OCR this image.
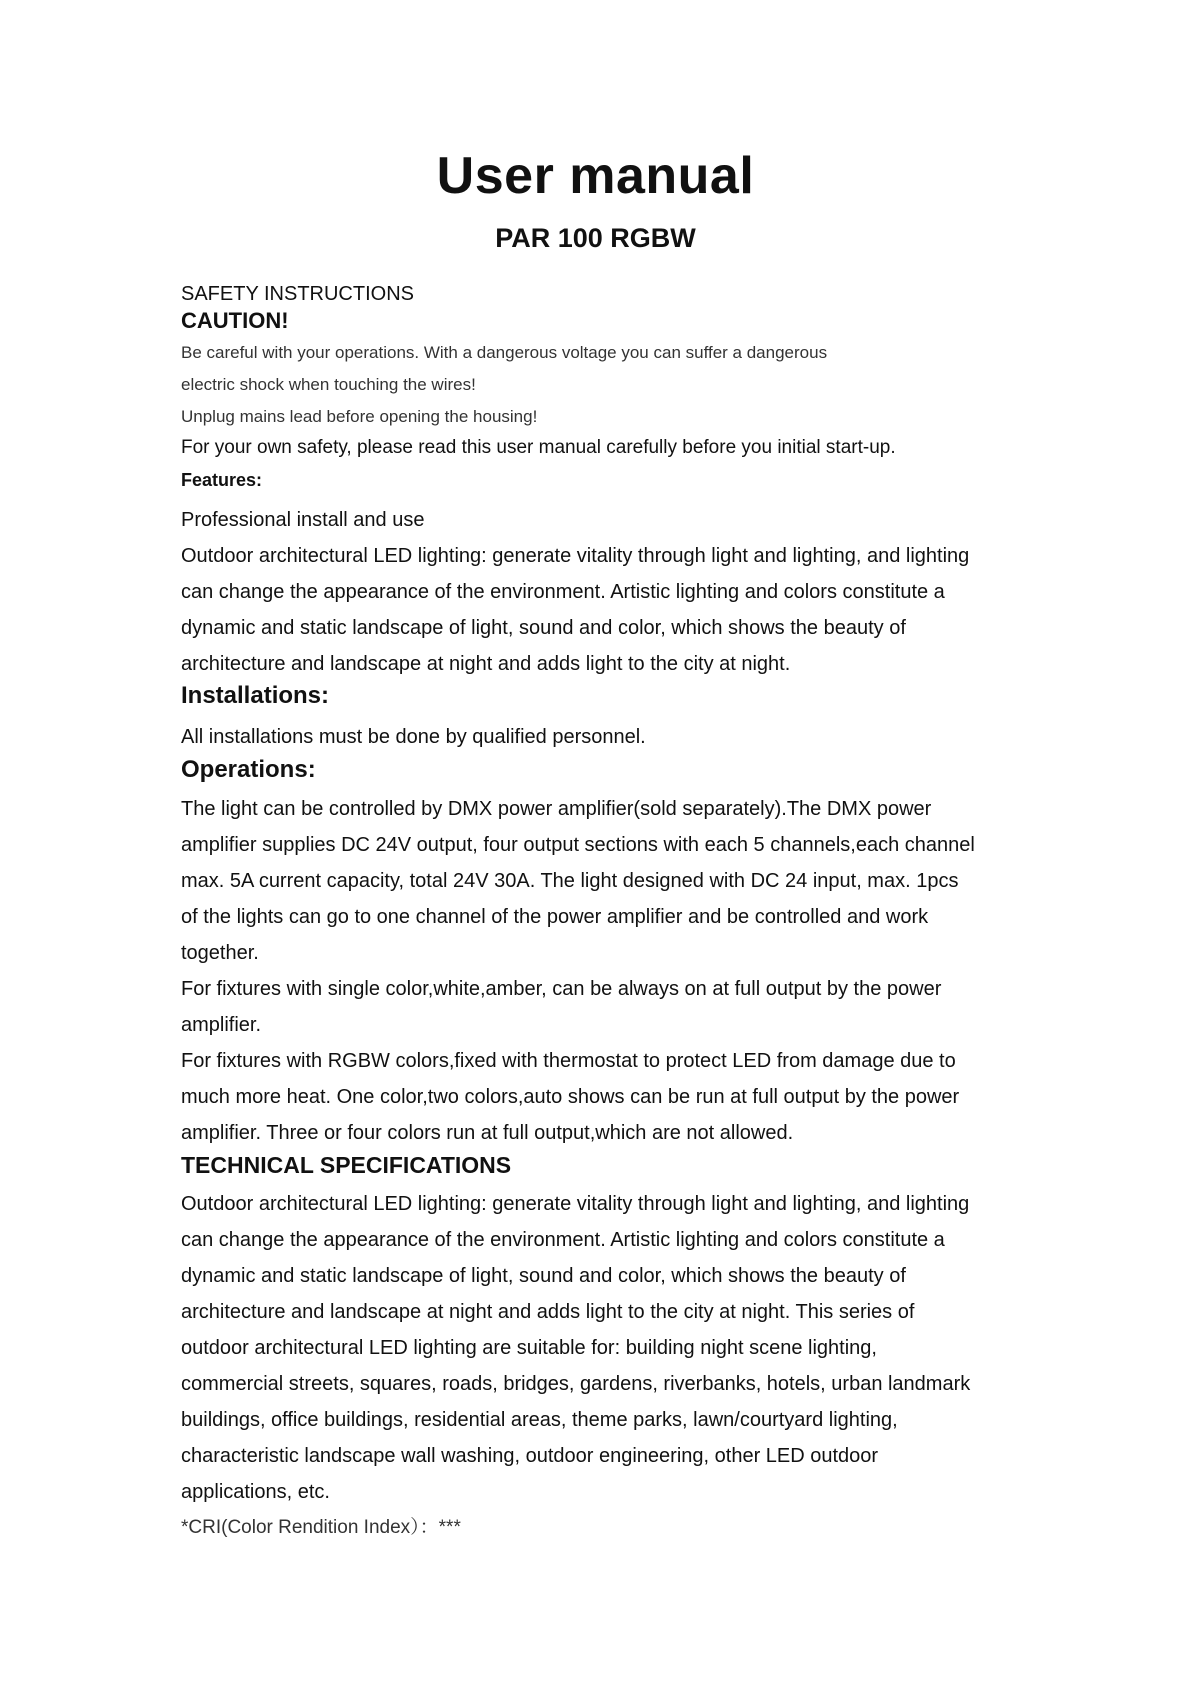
User manual
PAR 100 RGBW
SAFETY INSTRUCTIONS
CAUTION!
Be careful with your operations. With a dangerous voltage you can suffer a dangerous
electric shock when touching the wires!
Unplug mains lead before opening the housing!
For your own safety, please read this user manual carefully before you initial start-up.
Features:

Professional install and use

Outdoor architectural LED lighting: generate vitality through light and lighting, and lighting

can change the appearance of the environment. Artistic lighting and colors constitute a

dynamic and static landscape of light, sound and color, which shows the beauty of

architecture and landscape at night and adds light to the city at night.

Installations:
All installations must be done by qualified personnel.
Operations:

The light can be controlled by DMX power amplifier(sold separately).The DMX power

amplifier supplies DC 24V output, four output sections with each 5 channels,each channel

max. 5A current capacity, total 24V 30A. The light designed with DC 24 input, max. 1pcs

of the lights can go to one channel of the power amplifier and be controlled and work

together.

For fixtures with single color,white,amber, can be always on at full output by the power

amplifier.

For fixtures with RGBW colors,fixed with thermostat to protect LED from damage due to

much more heat. One color,two colors,auto shows can be run at full output by the power

amplifier. Three or four colors run at full output,which are not allowed.

TECHNICAL SPECIFICATIONS

Outdoor architectural LED lighting: generate vitality through light and lighting, and lighting

can change the appearance of the environment. Artistic lighting and colors constitute a

dynamic and static landscape of light, sound and color, which shows the beauty of

architecture and landscape at night and adds light to the city at night. This series of

outdoor architectural LED lighting are suitable for: building night scene lighting,

commercial streets, squares, roads, bridges, gardens, riverbanks, hotels, urban landmark

buildings, office buildings, residential areas, theme parks, lawn/courtyard lighting,

characteristic landscape wall washing, outdoor engineering, other LED outdoor

applications, etc.

*CRI(Color Rendition Index）：***
